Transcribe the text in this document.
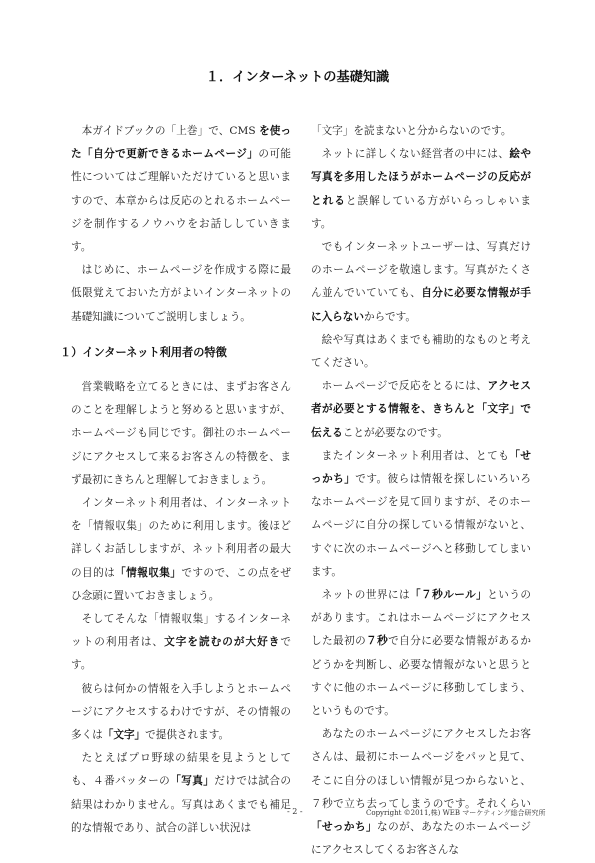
１．インターネットの基礎知識

本ガイドブックの「上巻」で、CMS を使った「自分で更新できるホームページ」の可能性についてはご理解いただけていると思いますので、本章からは反応のとれるホームページを制作するノウハウをお話ししていきます。

はじめに、ホームページを作成する際に最低限覚えておいた方がよいインターネットの基礎知識についてご説明しましょう。

１）インターネット利用者の特徴

営業戦略を立てるときには、まずお客さんのことを理解しようと努めると思いますが、ホームページも同じです。御社のホームページにアクセスして来るお客さんの特徴を、まず最初にきちんと理解しておきましょう。

インターネット利用者は、インターネットを「情報収集」のために利用します。後ほど詳しくお話ししますが、ネット利用者の最大の目的は「情報収集」ですので、この点をぜひ念頭に置いておきましょう。

そしてそんな「情報収集」するインターネットの利用者は、文字を読むのが大好きです。

彼らは何かの情報を入手しようとホームページにアクセスするわけですが、その情報の多くは「文字」で提供されます。

たとえばプロ野球の結果を見ようとしても、４番バッターの「写真」だけでは試合の結果はわかりません。写真はあくまでも補足的な情報であり、試合の詳しい状況は

「文字」を読まないと分からないのです。

ネットに詳しくない経営者の中には、絵や写真を多用したほうがホームページの反応がとれると誤解している方がいらっしゃいます。

でもインターネットユーザーは、写真だけのホームページを敬遠します。写真がたくさん並んでいていても、自分に必要な情報が手に入らないからです。

絵や写真はあくまでも補助的なものと考えてください。

ホームページで反応をとるには、アクセス者が必要とする情報を、きちんと「文字」で伝えることが必要なのです。

またインターネット利用者は、とても「せっかち」です。彼らは情報を探しにいろいろなホームページを見て回りますが、そのホームページに自分の探している情報がないと、すぐに次のホームページへと移動してしまいます。

ネットの世界には「７秒ルール」というのがあります。これはホームページにアクセスした最初の７秒で自分に必要な情報があるかどうかを判断し、必要な情報がないと思うとすぐに他のホームページに移動してしまう、というものです。

あなたのホームページにアクセスしたお客さんは、最初にホームページをパッと見て、そこに自分のほしい情報が見つからないと、７秒で立ち去ってしまうのです。それくらい「せっかち」なのが、あなたのホームページにアクセスしてくるお客さんな

- 2 -	Copyright ©2011,株) WEB マーケティング総合研究所
